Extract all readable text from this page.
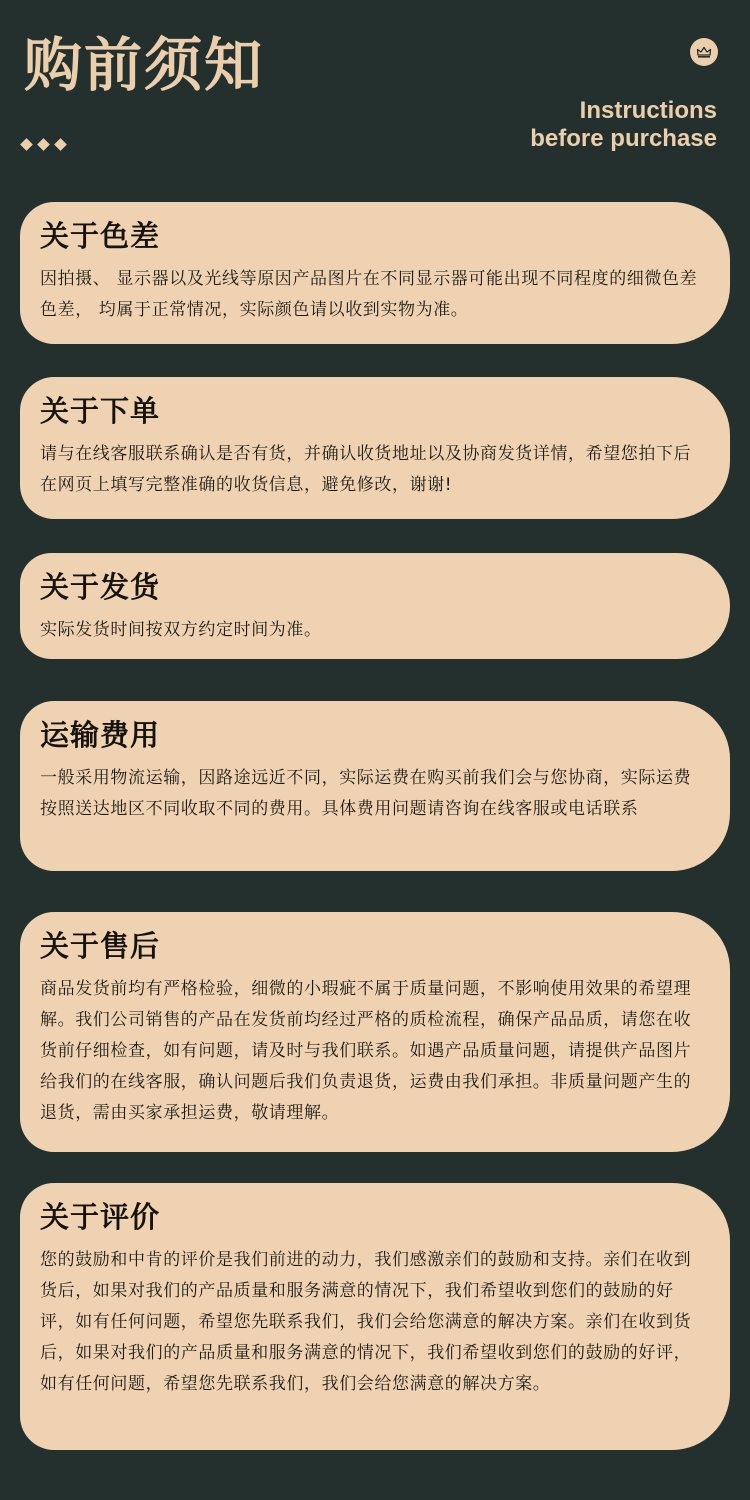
购前须知
Instructions
before purchase
关于色差
因拍摄、 显示器以及光线等原因产品图片在不同显示器可能出现不同程度的细微色差色差， 均属于正常情况，实际颜色请以收到实物为准。
关于下单
请与在线客服联系确认是否有货，并确认收货地址以及协商发货详情，希望您拍下后在网页上填写完整准确的收货信息，避免修改，谢谢!
关于发货
实际发货时间按双方约定时间为准。
运输费用
一般采用物流运输，因路途远近不同，实际运费在购买前我们会与您协商，实际运费按照送达地区不同收取不同的费用。具体费用问题请咨询在线客服或电话联系
关于售后
商品发货前均有严格检验，细微的小瑕疵不属于质量问题，不影响使用效果的希望理解。我们公司销售的产品在发货前均经过严格的质检流程，确保产品品质，请您在收货前仔细检查，如有问题，请及时与我们联系。如遇产品质量问题，请提供产品图片给我们的在线客服，确认问题后我们负责退货，运费由我们承担。非质量问题产生的退货，需由买家承担运费，敬请理解。
关于评价
您的鼓励和中肯的评价是我们前进的动力，我们感激亲们的鼓励和支持。亲们在收到货后，如果对我们的产品质量和服务满意的情况下，我们希望收到您们的鼓励的好评，如有任何问题，希望您先联系我们，我们会给您满意的解决方案。亲们在收到货后，如果对我们的产品质量和服务满意的情况下，我们希望收到您们的鼓励的好评，如有任何问题，希望您先联系我们，我们会给您满意的解决方案。
